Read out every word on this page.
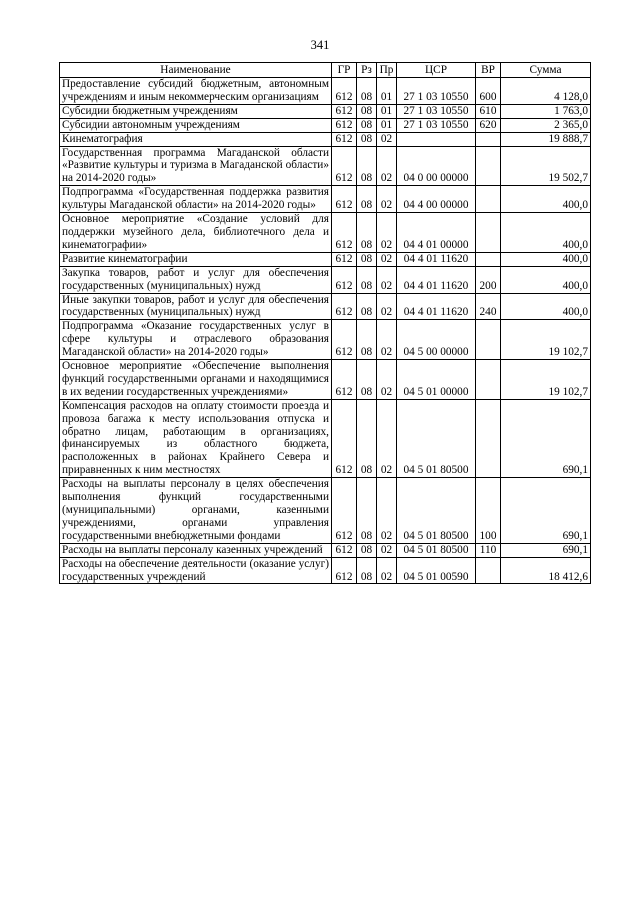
341
Наименование	ГР	Рз	Пр	ЦСР	ВР	Сумма
Предоставление субсидий бюджетным, автономным учреждениям и иным некоммерческим организациям	612	08	01	27 1 03 10550	600	4 128,0
Субсидии бюджетным учреждениям	612	08	01	27 1 03 10550	610	1 763,0
Субсидии автономным учреждениям	612	08	01	27 1 03 10550	620	2 365,0
Кинематография	612	08	02			19 888,7
Государственная программа Магаданской области «Развитие культуры и туризма в Магаданской области» на 2014-2020 годы»	612	08	02	04 0 00 00000		19 502,7
Подпрограмма «Государственная поддержка развития культуры Магаданской области» на 2014-2020 годы»	612	08	02	04 4 00 00000		400,0
Основное мероприятие «Создание условий для поддержки музейного дела, библиотечного дела и кинематографии»	612	08	02	04 4 01 00000		400,0
Развитие кинематографии	612	08	02	04 4 01 11620		400,0
Закупка товаров, работ и услуг для обеспечения государственных (муниципальных) нужд	612	08	02	04 4 01 11620	200	400,0
Иные закупки товаров, работ и услуг для обеспечения государственных (муниципальных) нужд	612	08	02	04 4 01 11620	240	400,0
Подпрограмма «Оказание государственных услуг в сфере культуры и отраслевого образования Магаданской области» на 2014-2020 годы»	612	08	02	04 5 00 00000		19 102,7
Основное мероприятие «Обеспечение выполнения функций государственными органами и находящимися в их ведении государственных учреждениями»	612	08	02	04 5 01 00000		19 102,7
Компенсация расходов на оплату стоимости проезда и провоза багажа к месту использования отпуска и обратно лицам, работающим в организациях, финансируемых из областного бюджета, расположенных в районах Крайнего Севера и приравненных к ним местностях	612	08	02	04 5 01 80500		690,1
Расходы на выплаты персоналу в целях обеспечения выполнения функций государственными (муниципальными) органами, казенными учреждениями, органами управления государственными внебюджетными фондами	612	08	02	04 5 01 80500	100	690,1
Расходы на выплаты персоналу казенных учреждений	612	08	02	04 5 01 80500	110	690,1
Расходы на обеспечение деятельности (оказание услуг) государственных учреждений	612	08	02	04 5 01 00590		18 412,6
